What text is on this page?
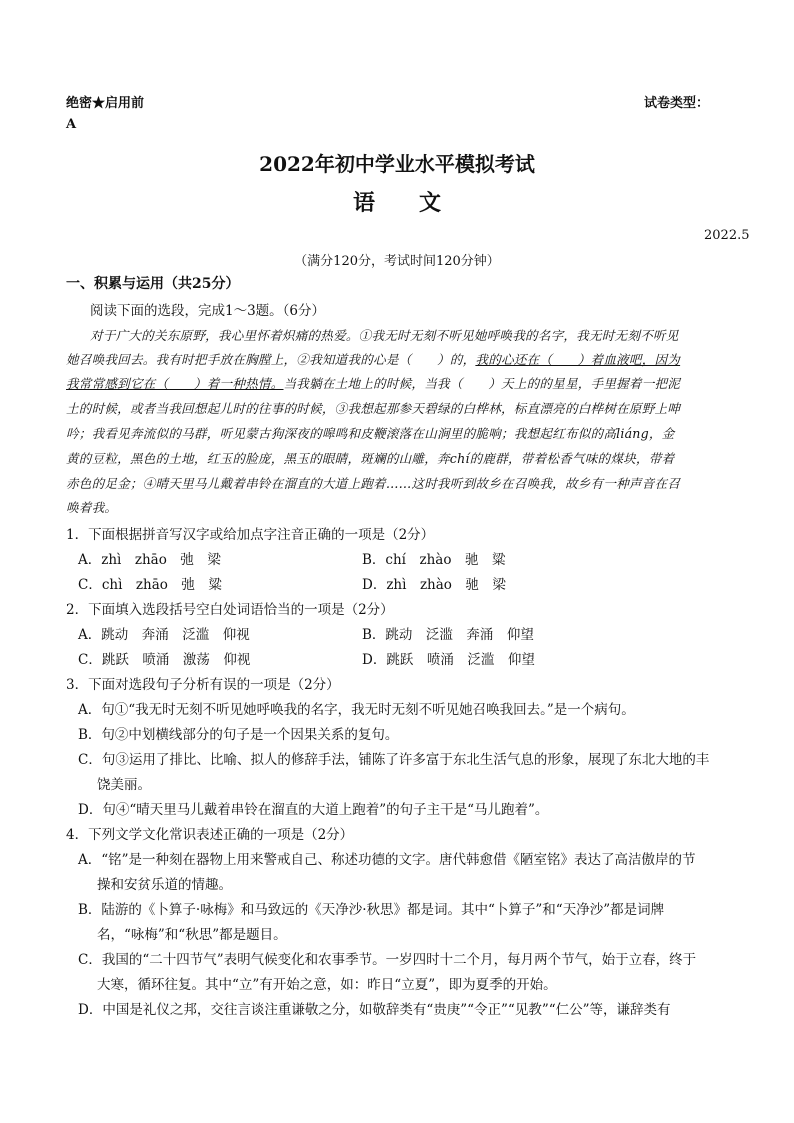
绝密★启用前	试卷类型：
A
2022年初中学业水平模拟考试
语文
2022.5
（满分120分，考试时间120分钟）
一、积累与运用（共25分）
阅读下面的选段，完成1～3题。（6分）
对于广大的关东原野，我心里怀着炽痛的热爱。①我无时无刻不听见她呼唤我的名字，我无时无刻不听见
她召唤我回去。我有时把手放在胸膛上，②我知道我的心是（　　）的，我的心还在（　　）着血液吧，因为
我常常感到它在（　　）着一种热情。当我躺在土地上的时候，当我（　　）天上的的星星，手里握着一把泥
土的时候，或者当我回想起儿时的往事的时候，③我想起那参天碧绿的白桦林，标直漂亮的白桦树在原野上呻
吟；我看见奔流似的马群，听见蒙古狗深夜的嗥鸣和皮鞭滚落在山涧里的脆响；我想起红布似的高liáng，金
黄的豆粒，黑色的土地，红玉的脸庞，黑玉的眼睛，斑斓的山雕，奔chí的鹿群，带着松香气味的煤块，带着
赤色的足金；④晴天里马儿戴着串铃在溜直的大道上跑着……这时我听到故乡在召唤我，故乡有一种声音在召
唤着我。
1．下面根据拼音写汉字或给加点字注音正确的一项是（2分）
A．zhì　zhāo　弛　梁	B．chí　zhào　驰　粱
C．chì　zhāo　弛　粱	D．zhì　zhào　驰　梁
2．下面填入选段括号空白处词语恰当的一项是（2分）
A．跳动　奔涌　泛滥　仰视	B．跳动　泛滥　奔涌　仰望
C．跳跃　喷涌　激荡　仰视	D．跳跃　喷涌　泛滥　仰望
3．下面对选段句子分析有误的一项是（2分）
A．句①“我无时无刻不听见她呼唤我的名字，我无时无刻不听见她召唤我回去。”是一个病句。
B．句②中划横线部分的句子是一个因果关系的复句。
C．句③运用了排比、比喻、拟人的修辞手法，铺陈了许多富于东北生活气息的形象，展现了东北大地的丰
饶美丽。
D．句④“晴天里马儿戴着串铃在溜直的大道上跑着”的句子主干是“马儿跑着”。
4．下列文学文化常识表述正确的一项是（2分）
A．“铭”是一种刻在器物上用来警戒自己、称述功德的文字。唐代韩愈借《陋室铭》表达了高洁傲岸的节
操和安贫乐道的情趣。
B．陆游的《卜算子·咏梅》和马致远的《天净沙·秋思》都是词。其中“卜算子”和“天净沙”都是词牌
名，“咏梅”和“秋思”都是题目。
C．我国的“二十四节气”表明气候变化和农事季节。一岁四时十二个月，每月两个节气，始于立春，终于
大寒，循环往复。其中“立”有开始之意，如：昨日“立夏”，即为夏季的开始。
D．中国是礼仪之邦，交往言谈注重谦敬之分，如敬辞类有“贵庚”“令正”“见教”“仁公”等，谦辞类有
